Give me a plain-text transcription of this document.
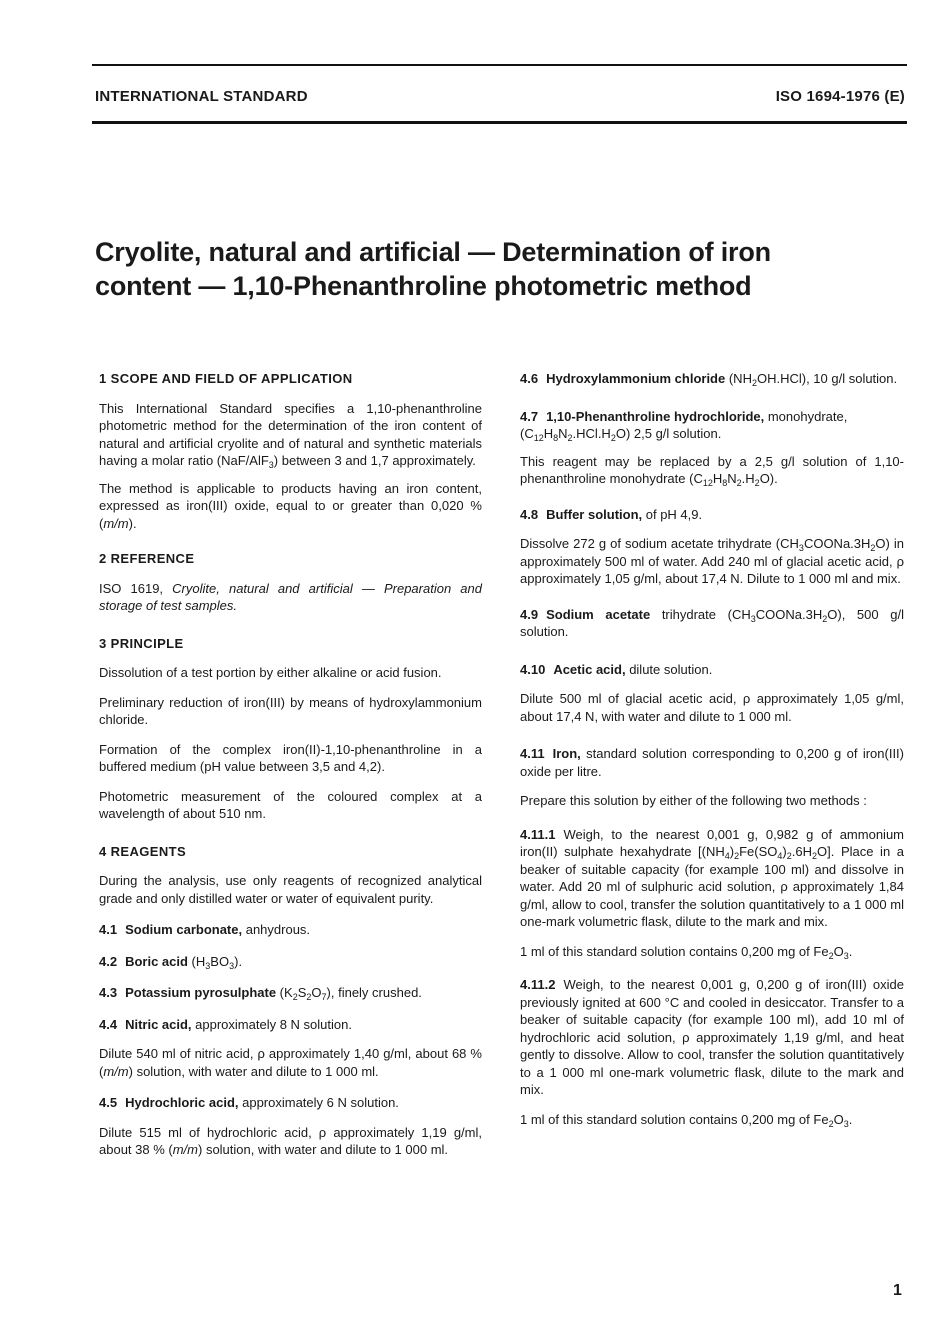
INTERNATIONAL STANDARD	ISO 1694-1976 (E)
Cryolite, natural and artificial — Determination of iron
content — 1,10-Phenanthroline photometric method
1 SCOPE AND FIELD OF APPLICATION

This International Standard specifies a 1,10-phenanthroline photometric method for the determination of the iron content of natural and artificial cryolite and of natural and synthetic materials having a molar ratio (NaF/AlF$_3$) between 3 and 1,7 approximately.

The method is applicable to products having an iron content, expressed as iron(III) oxide, equal to or greater than 0,020 % (m/m).

2 REFERENCE

ISO 1619, Cryolite, natural and artificial — Preparation and storage of test samples.

3 PRINCIPLE

Dissolution of a test portion by either alkaline or acid fusion.

Preliminary reduction of iron(III) by means of hydroxylammonium chloride.

Formation of the complex iron(II)-1,10-phenanthroline in a buffered medium (pH value between 3,5 and 4,2).

Photometric measurement of the coloured complex at a wavelength of about 510 nm.

4 REAGENTS

During the analysis, use only reagents of recognized analytical grade and only distilled water or water of equivalent purity.

4.1 Sodium carbonate, anhydrous.

4.2 Boric acid $(H_3BO_3)$.

4.3 Potassium pyrosulphate $(K_2S_2O_7)$, finely crushed.

4.4 Nitric acid, approximately 8 N solution.

Dilute 540 ml of nitric acid, ρ approximately 1,40 g/ml, about 68 % (m/m) solution, with water and dilute to 1 000 ml.

4.5 Hydrochloric acid, approximately 6 N solution.

Dilute 515 ml of hydrochloric acid, ρ approximately 1,19 g/ml, about 38 % (m/m) solution, with water and dilute to 1 000 ml.

4.6 Hydroxylammonium chloride $(NH_2OH.HCl)$, 10 g/l solution.

4.7 1,10-Phenanthroline hydrochloride, monohydrate,
$(C_{12}H_8N_2.HCl.H_2O)$ 2,5 g/l solution.

This reagent may be replaced by a 2,5 g/l solution of 1,10-phenanthroline monohydrate $(C_{12}H_8N_2.H_2O)$.

4.8 Buffer solution, of pH 4,9.

Dissolve 272 g of sodium acetate trihydrate $(CH_3COONa.3H_2O)$ in approximately 500 ml of water. Add 240 ml of glacial acetic acid, ρ approximately 1,05 g/ml, about 17,4 N. Dilute to 1 000 ml and mix.

4.9 Sodium acetate trihydrate $(CH_3COONa.3H_2O)$, 500 g/l solution.

4.10 Acetic acid, dilute solution.

Dilute 500 ml of glacial acetic acid, ρ approximately 1,05 g/ml, about 17,4 N, with water and dilute to 1 000 ml.

4.11 Iron, standard solution corresponding to 0,200 g of iron(III) oxide per litre.

Prepare this solution by either of the following two methods :

4.11.1 Weigh, to the nearest 0,001 g, 0,982 g of ammonium iron(II) sulphate hexahydrate $[(NH_4)_2Fe(SO_4)_2.6H_2O]$. Place in a beaker of suitable capacity (for example 100 ml) and dissolve in water. Add 20 ml of sulphuric acid solution, ρ approximately 1,84 g/ml, allow to cool, transfer the solution quantitatively to a 1 000 ml one-mark volumetric flask, dilute to the mark and mix.

1 ml of this standard solution contains 0,200 mg of $Fe_2O_3$.

4.11.2 Weigh, to the nearest 0,001 g, 0,200 g of iron(III) oxide previously ignited at 600 °C and cooled in desiccator. Transfer to a beaker of suitable capacity (for example 100 ml), add 10 ml of hydrochloric acid solution, ρ approximately 1,19 g/ml, and heat gently to dissolve. Allow to cool, transfer the solution quantitatively to a 1 000 ml one-mark volumetric flask, dilute to the mark and mix.

1 ml of this standard solution contains 0,200 mg of $Fe_2O_3$.

1
